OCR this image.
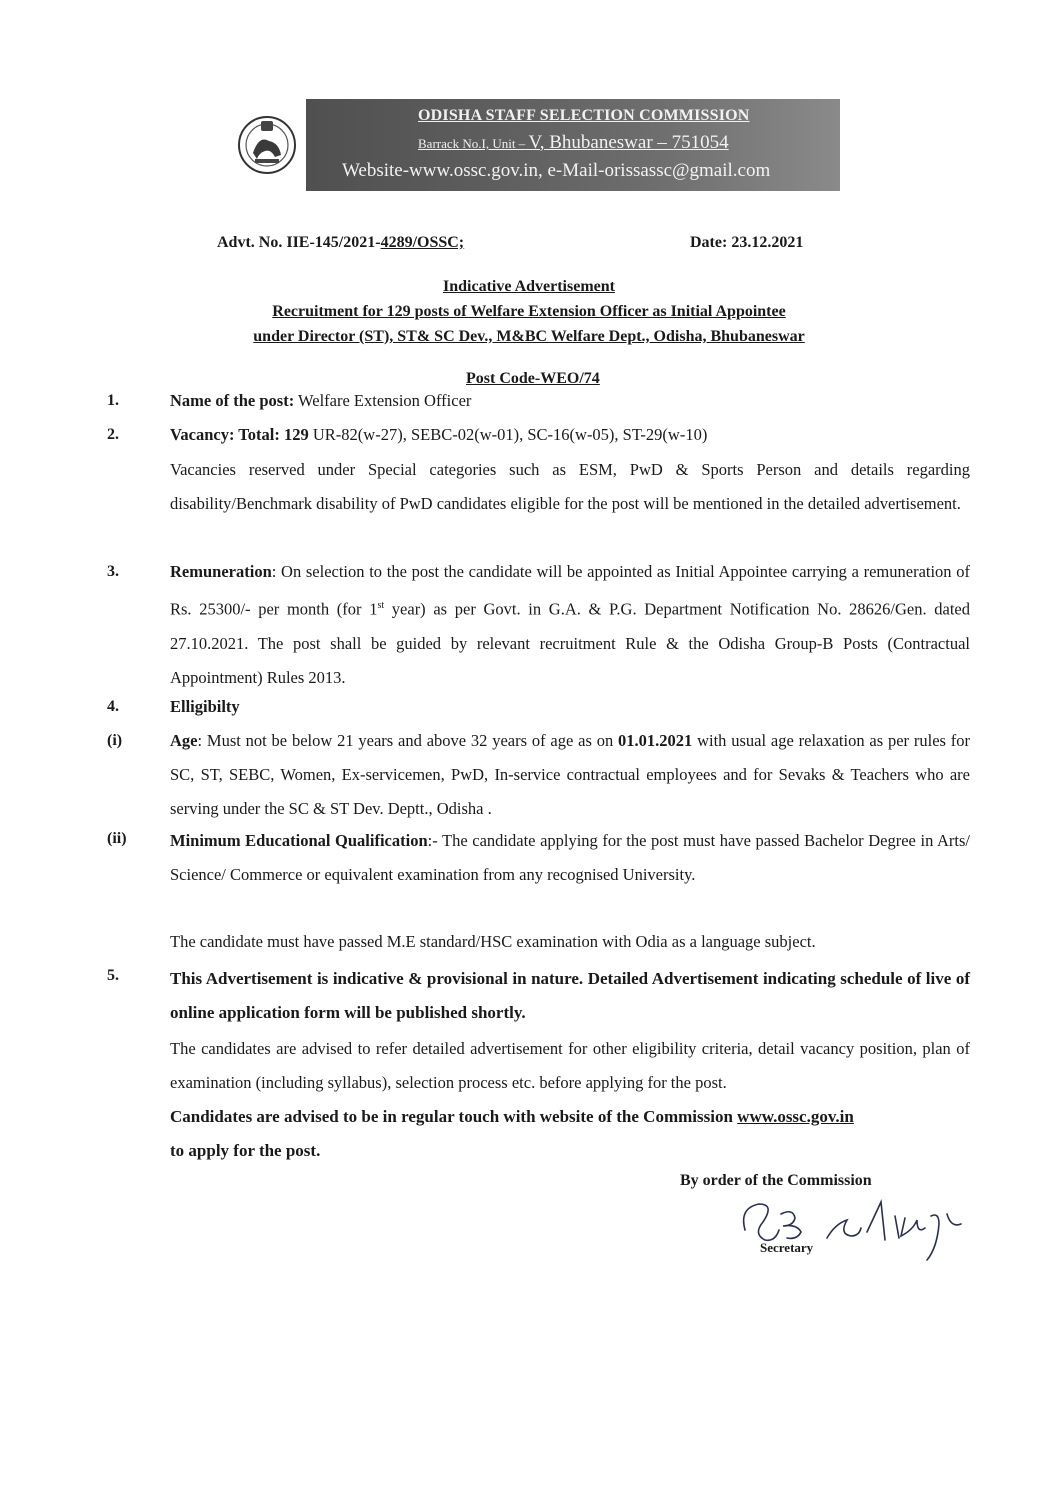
ODISHA STAFF SELECTION COMMISSION
Barrack No.I, Unit – V, Bhubaneswar – 751054
Website-www.ossc.gov.in, e-Mail-orissassc@gmail.com
Advt. No. IIE-145/2021-4289/OSSC;	Date: 23.12.2021
Indicative Advertisement
Recruitment for 129 posts of Welfare Extension Officer as Initial Appointee
under Director (ST), ST& SC Dev., M&BC Welfare Dept., Odisha, Bhubaneswar
Post Code-WEO/74
1.	Name of the post: Welfare Extension Officer
2.	Vacancy: Total: 129 UR-82(w-27), SEBC-02(w-01), SC-16(w-05), ST-29(w-10)
Vacancies reserved under Special categories such as ESM, PwD & Sports Person and details regarding disability/Benchmark disability of PwD candidates eligible for the post will be mentioned in the detailed advertisement.
3.	Remuneration: On selection to the post the candidate will be appointed as Initial Appointee carrying a remuneration of Rs. 25300/- per month (for 1st year) as per Govt. in G.A. & P.G. Department Notification No. 28626/Gen. dated 27.10.2021. The post shall be guided by relevant recruitment Rule & the Odisha Group-B Posts (Contractual Appointment) Rules 2013.
4.	Elligibilty
(i)	Age: Must not be below 21 years and above 32 years of age as on 01.01.2021 with usual age relaxation as per rules for SC, ST, SEBC, Women, Ex-servicemen, PwD, In-service contractual employees and for Sevaks & Teachers who are serving under the SC & ST Dev. Deptt., Odisha .
(ii)	Minimum Educational Qualification:- The candidate applying for the post must have passed Bachelor Degree in Arts/ Science/ Commerce or equivalent examination from any recognised University.
The candidate must have passed M.E standard/HSC examination with Odia as a language subject.
5.	This Advertisement is indicative & provisional in nature. Detailed Advertisement indicating schedule of live of online application form will be published shortly.
The candidates are advised to refer detailed advertisement for other eligibility criteria, detail vacancy position, plan of examination (including syllabus), selection process etc. before applying for the post.
Candidates are advised to be in regular touch with website of the Commission www.ossc.gov.in
to apply for the post.
By order of the Commission
Secretary
